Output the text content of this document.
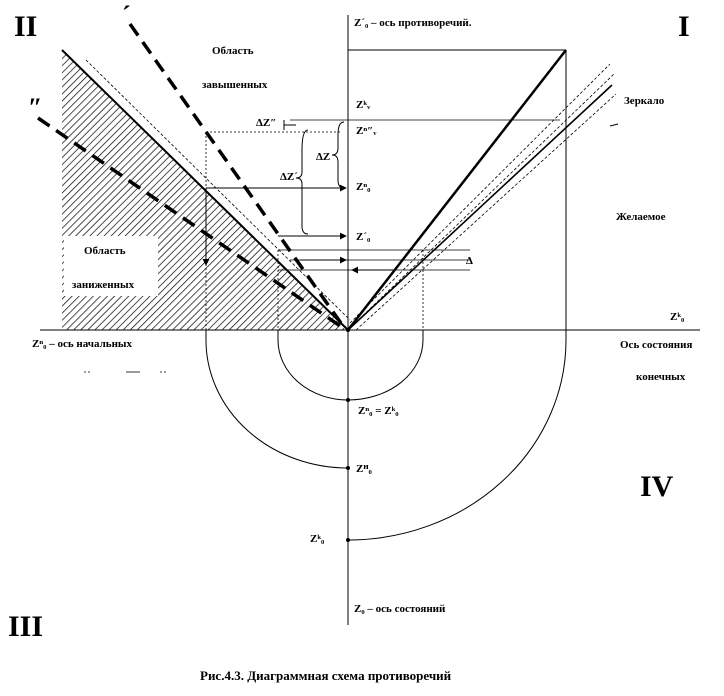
I
II
III
IV
´
″
Z´₀ – ось противоречий.
Zᵏ₀
Ось состояния
конечных
Zⁿ₀ – ось начальных
Z₀ – ось состояний
Область
завышенных
Область
заниженных
Зеркало
Желаемое
Zᵏᵥ
Zⁿ″ᵥ
Zⁿ₀
Z´₀
ΔZ″
ΔZ
ΔZ´
Δ
Zⁿ₀ = Zᵏ₀
Zᴴ₀
Zᵏ₀
Рис.4.3. Диаграммная схема противоречий
